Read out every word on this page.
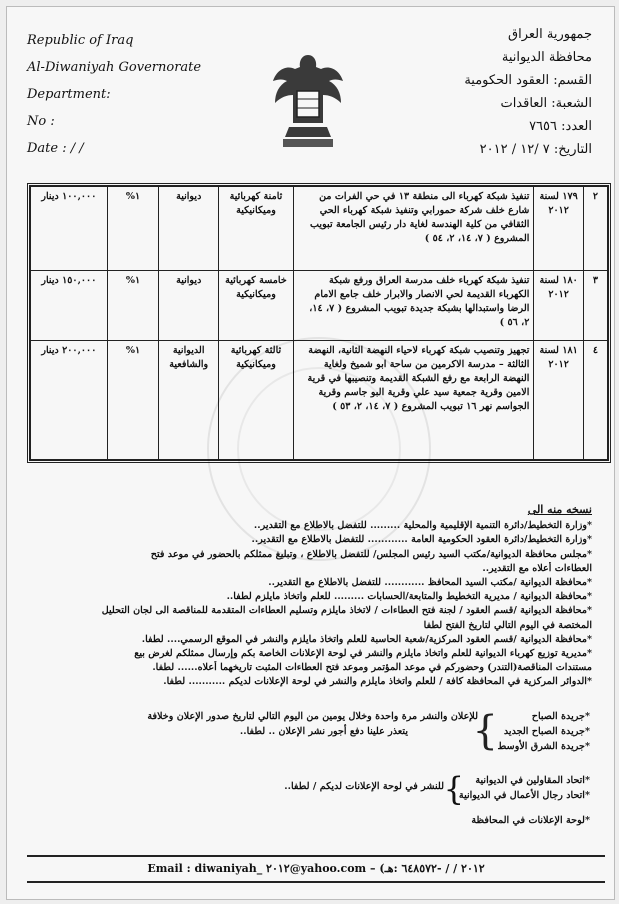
Republic of Iraq
Al-Diwaniyah Governorate
Department:
No :
Date : / /
جمهورية العراق
محافظة الديوانية
القسم: العقود الحكومية
الشعبة: العاقدات
العدد: ٧٦٥٦
التاريخ: ٧ /١٢ / ٢٠١٢
٢	١٧٩ لسنة ٢٠١٢	تنفيذ شبكة كهرباء الى منطقة ١٣ في حي الفرات من شارع خلف شركة حمورابي وتنفيذ شبكة كهرباء الحي الثقافي من كلية الهندسة لغاية دار رئيس الجامعة تبويب المشروع ( ٧، ١٤، ٢، ٥٤ )	ثامنة كهربائية وميكانيكية	ديوانية	١%	١٠٠,٠٠٠ دينار
٣	١٨٠ لسنة ٢٠١٢	تنفيذ شبكة كهرباء خلف مدرسة العراق ورفع شبكة الكهرباء القديمة لحي الانصار والابرار خلف جامع الامام الرضا واستبدالها بشبكة جديدة تبويب المشروع ( ٧، ١٤، ٢، ٥٦ )	خامسة كهربائية وميكانيكية	ديوانية	١%	١٥٠,٠٠٠ دينار
٤	١٨١ لسنة ٢٠١٢	تجهيز وتنصيب شبكة كهرباء لاحياء النهضة الثانية، النهضة الثالثة – مدرسة الاكرمين من ساحة ابو شميخ ولغاية النهضة الرابعة مع رفع الشبكة القديمة وتنصيبها في قرية الامين وقرية جمعية سيد علي وقرية البو جاسم وقرية الجواسم نهر ١٦ تبويب المشروع ( ٧، ١٤، ٢، ٥٣ )	ثالثة كهربائية وميكانيكية	الديوانية والشافعية	١%	٢٠٠,٠٠٠ دينار
نسخه منه الى
*وزارة التخطيط/دائرة التنمية الإقليمية والمحلية ......... للتفضل بالاطلاع مع التقدير..
*وزارة التخطيط/دائرة العقود الحكومية العامة ............ للتفضل بالاطلاع مع التقدير..
*مجلس محافظة الديوانية/مكتب السيد رئيس المجلس/ للتفضل بالاطلاع ، وتبليغ ممثلكم بالحضور في موعد فتح
العطاءات أعلاه مع التقدير..
*محافظة الديوانية /مكتب السيد المحافظ ............ للتفضل بالاطلاع مع التقدير..
*محافظة الديوانية / مديرية التخطيط والمتابعة/الحسابات ......... للعلم واتخاذ مايلزم لطفا..
*محافظة الديوانية /قسم العقود / لجنة فتح العطاءات / لاتخاذ مايلزم وتسليم العطاءات المتقدمة للمناقصة الى لجان التحليل
المختصة في اليوم التالي لتاريخ الفتح لطفا
*محافظة الديوانية /قسم العقود المركزية/شعبة الحاسبة للعلم واتخاذ مايلزم والنشر في الموقع الرسمي.... لطفا.
*مديرية توزيع كهرباء الديوانية للعلم واتخاذ مايلزم والنشر في لوحة الإعلانات الخاصة بكم وإرسال ممثلكم لغرض بيع
مستندات المناقصة(التندر) وحضوركم في موعد المؤتمر وموعد فتح العطاءات المثبت تاريخهما أعلاه...... لطفا.
*الدوائر المركزية في المحافظة كافة / للعلم واتخاذ مايلزم والنشر في لوحة الإعلانات لديكم ........... لطفا.
*جريدة الصباح
*جريدة الصباح الجديد
*جريدة الشرق الأوسط
}
للإعلان والنشر مرة واحدة وخلال يومين من اليوم التالي لتاريخ صدور الإعلان وخلافة
يتعذر علينا دفع أجور نشر الإعلان .. لطفا..
*اتحاد المقاولين في الديوانية
*اتحاد رجال الأعمال في الديوانية
}
للنشر في لوحة الإعلانات لديكم / لطفا..
*لوحة الإعلانات في المحافظة
Email : diwaniyah_ ٢٠١٢@yahoo.com – (٢٠١٢ / / -٦٤٨٥٧٢ :هـ
